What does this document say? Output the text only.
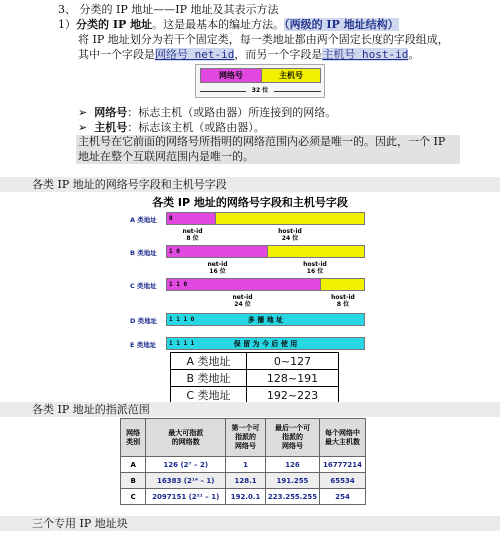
3、 分类的 IP 地址——IP 地址及其表示方法
1）分类的 IP 地址。这是最基本的编址方法。（两级的 IP 地址结构）
将 IP 地址划分为若干个固定类，每一类地址都由两个固定长度的字段组成，
其中一个字段是网络号 net-id，而另一个字段是主机号 host-id。
网络号	主机号
32 位
➢ 网络号：标志主机（或路由器）所连接到的网络。
➢ 主机号：标志该主机（或路由器）。
主机号在它前面的网络号所指明的网络范围内必须是唯一的。因此，一个 IP
地址在整个互联网范围内是唯一的。
各类 IP 地址的网络号字段和主机号字段
各类 IP 地址的网络号字段和主机号字段
A 类地址 0
net-id
8 位
host-id
24 位
B 类地址 1 0
net-id
16 位
host-id
16 位
C 类地址 1 1 0
net-id
24 位
host-id
8 位
D 类地址 1 1 1 0	多 播 地 址
E 类地址 1 1 1 1	保 留 为 今 后 使 用
A 类地址	0~127
B 类地址	128~191
C 类地址	192~223
各类 IP 地址的指派范围
网络
类别	最大可指派
的网络数	第一个可
指派的
网络号	最后一个可
指派的
网络号	每个网络中
最大主机数
A	126 (2⁷ – 2)	1	126	16777214
B	16383 (2¹⁴ – 1)	128.1	191.255	65534
C	2097151 (2²¹ – 1)	192.0.1	223.255.255	254
三个专用 IP 地址块
